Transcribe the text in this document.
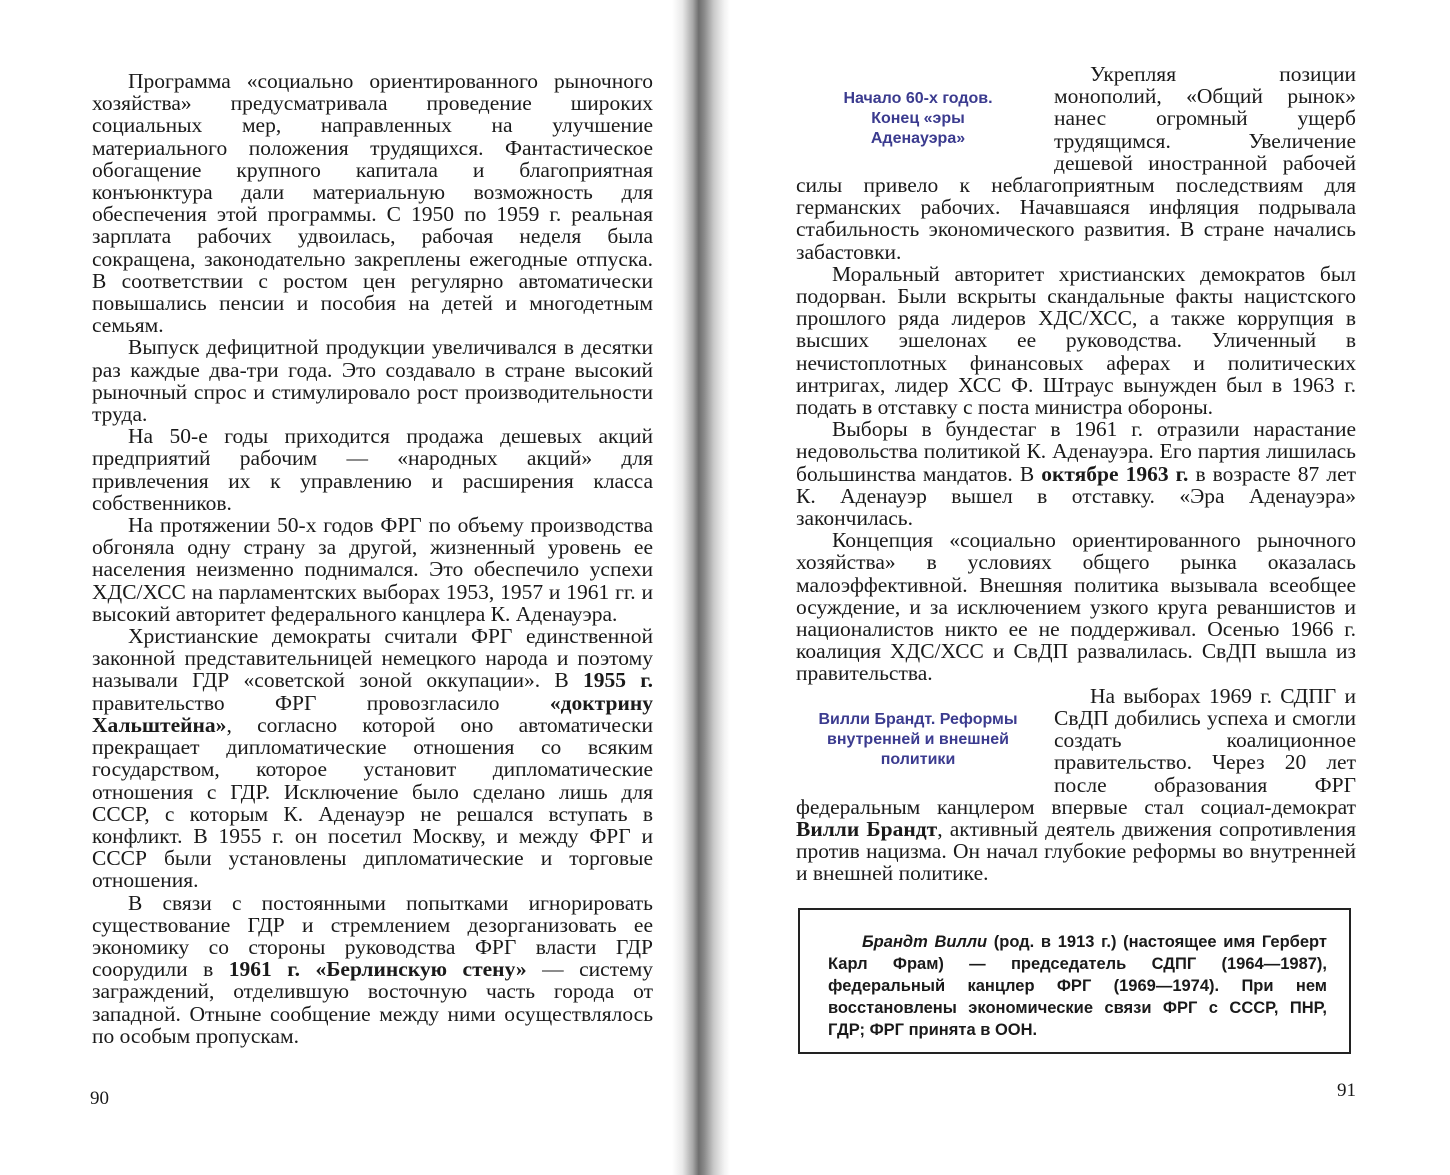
Программа «социально ориентированного рыночного хозяйства» предусматривала проведение широких социальных мер, направленных на улучшение материального положения трудящихся. Фантастическое обогащение крупного капитала и благоприятная конъюнктура дали материальную возможность для обеспечения этой программы. С 1950 по 1959 г. реальная зарплата рабочих удвоилась, рабочая неделя была сокращена, законодательно закреплены ежегодные отпуска. В соответствии с ростом цен регулярно автоматически повышались пенсии и пособия на детей и многодетным семьям.

Выпуск дефицитной продукции увеличивался в десятки раз каждые два-три года. Это создавало в стране высокий рыночный спрос и стимулировало рост производительности труда.

На 50-е годы приходится продажа дешевых акций предприятий рабочим — «народных акций» для привлечения их к управлению и расширения класса собственников.

На протяжении 50-х годов ФРГ по объему производства обгоняла одну страну за другой, жизненный уровень ее населения неизменно поднимался. Это обеспечило успехи ХДС/ХСС на парламентских выборах 1953, 1957 и 1961 гг. и высокий авторитет федерального канцлера К. Аденауэра.

Христианские демократы считали ФРГ единственной законной представительницей немецкого народа и поэтому называли ГДР «советской зоной оккупации». В 1955 г. правительство ФРГ провозгласило «доктрину Хальштейна», согласно которой оно автоматически прекращает дипломатические отношения со всяким государством, которое установит дипломатические отношения с ГДР. Исключение было сделано лишь для СССР, с которым К. Аденауэр не решался вступать в конфликт. В 1955 г. он посетил Москву, и между ФРГ и СССР были установлены дипломатические и торговые отношения.

В связи с постоянными попытками игнорировать существование ГДР и стремлением дезорганизовать ее экономику со стороны руководства ФРГ власти ГДР соорудили в 1961 г. «Берлинскую стену» — систему заграждений, отделившую восточную часть города от западной. Отныне сообщение между ними осуществлялось по особым пропускам.

90
Начало 60-х годов.
Конец «эры
Аденауэра»

Укрепляя позиции монополий, «Общий рынок» нанес огромный ущерб трудящимся. Увеличение дешевой иностранной рабочей силы привело к неблагоприятным последствиям для германских рабочих. Начавшаяся инфляция подрывала стабильность экономического развития. В стране начались забастовки.

Моральный авторитет христианских демократов был подорван. Были вскрыты скандальные факты нацистского прошлого ряда лидеров ХДС/ХСС, а также коррупция в высших эшелонах ее руководства. Уличенный в нечистоплотных финансовых аферах и политических интригах, лидер ХСС Ф. Штраус вынужден был в 1963 г. подать в отставку с поста министра обороны.

Выборы в бундестаг в 1961 г. отразили нарастание недовольства политикой К. Аденауэра. Его партия лишилась большинства мандатов. В октябре 1963 г. в возрасте 87 лет К. Аденауэр вышел в отставку. «Эра Аденауэра» закончилась.

Концепция «социально ориентированного рыночного хозяйства» в условиях общего рынка оказалась малоэффективной. Внешняя политика вызывала всеобщее осуждение, и за исключением узкого круга реваншистов и националистов никто ее не поддерживал. Осенью 1966 г. коалиция ХДС/ХСС и СвДП развалилась. СвДП вышла из правительства.

Вилли Брандт. Реформы
внутренней и внешней
политики

На выборах 1969 г. СДПГ и СвДП добились успеха и смогли создать коалиционное правительство. Через 20 лет после образования ФРГ федеральным канцлером впервые стал социал-демократ Вилли Брандт, активный деятель движения сопротивления против нацизма. Он начал глубокие реформы во внутренней и внешней политике.

Брандт Вилли (род. в 1913 г.) (настоящее имя Герберт Карл Фрам) — председатель СДПГ (1964—1987), федеральный канцлер ФРГ (1969—1974). При нем восстановлены экономические связи ФРГ с СССР, ПНР, ГДР; ФРГ принята в ООН.

91
